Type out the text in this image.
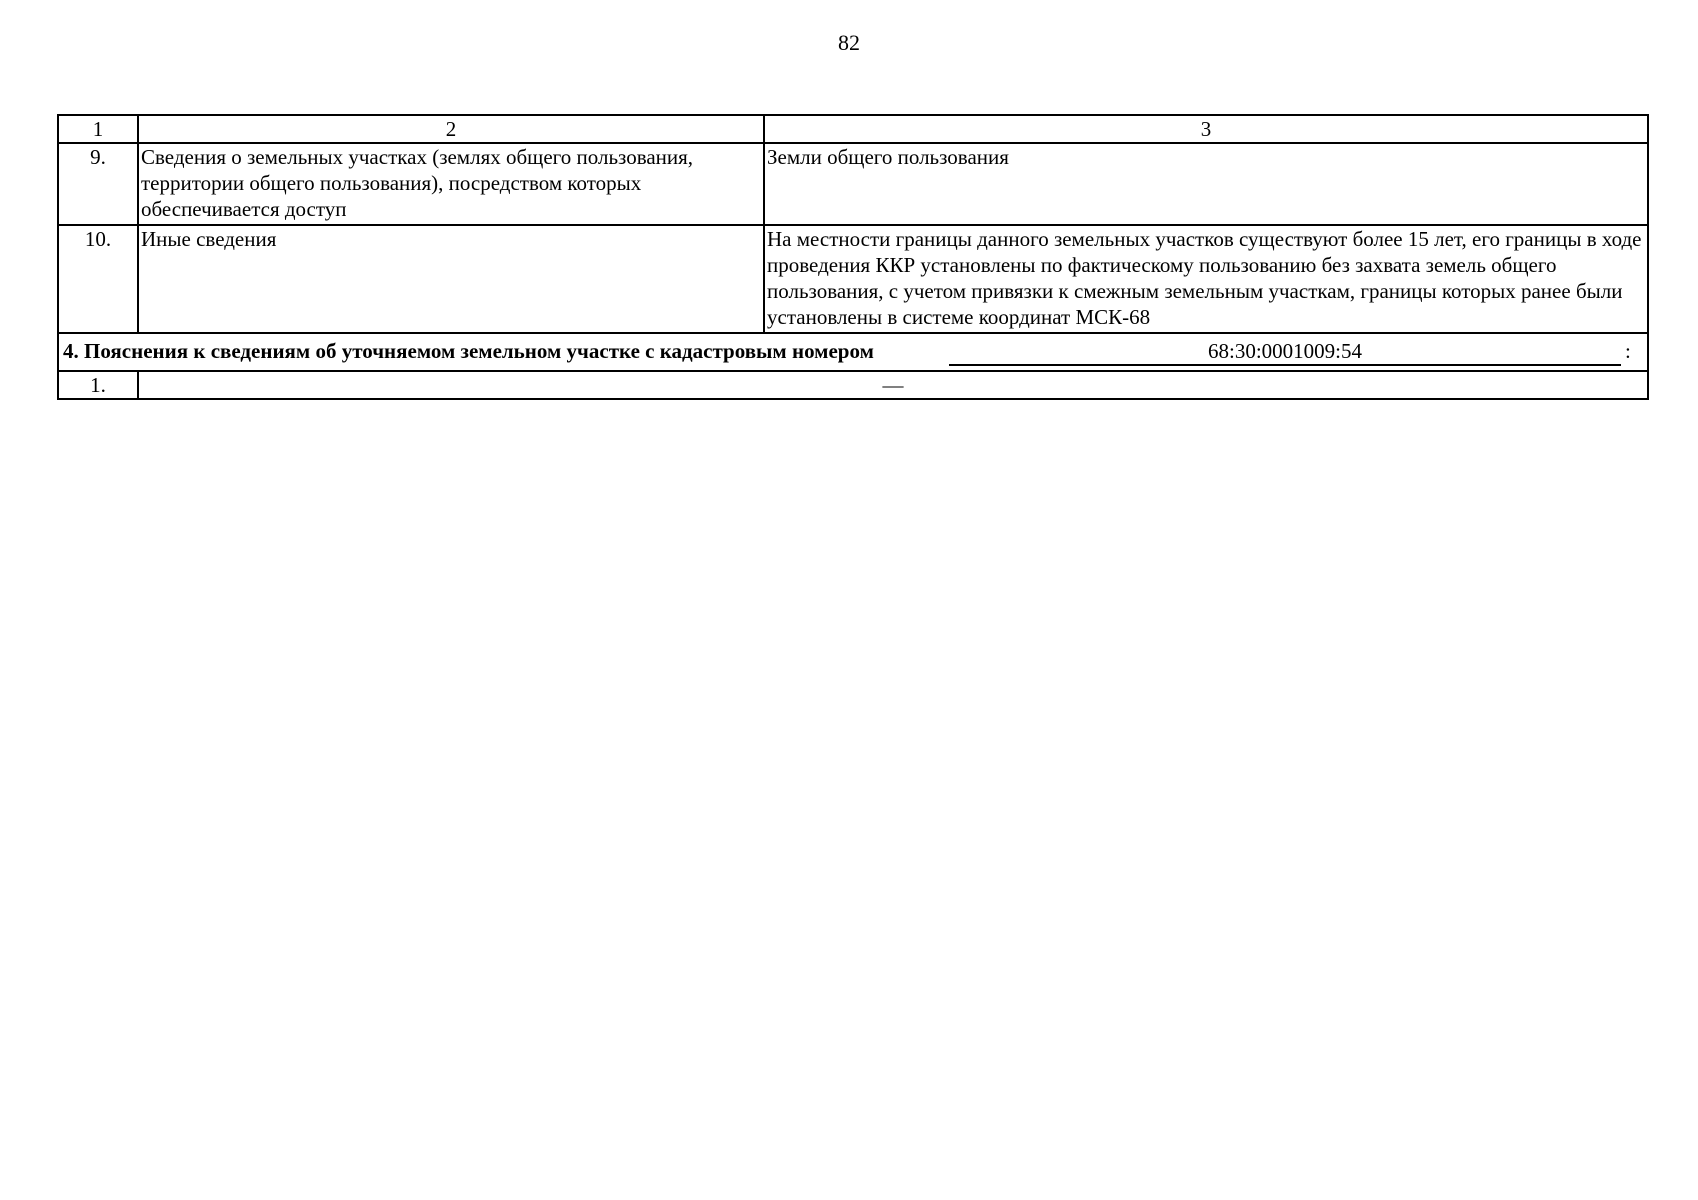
82
1	2	3
9.	Сведения о земельных участках (землях общего пользования, территории общего пользования), посредством которых обеспечивается доступ	Земли общего пользования
10.	Иные сведения	На местности границы данного земельных участков существуют более 15 лет, его границы в ходе проведения ККР установлены по фактическому пользованию без захвата земель общего пользования, с учетом привязки к смежным земельным участкам, границы которых ранее были установлены в системе координат МСК-68

4. Пояснения к сведениям об уточняемом земельном участке с кадастровым номером 68:30:0001009:54 :		

1.	—	
